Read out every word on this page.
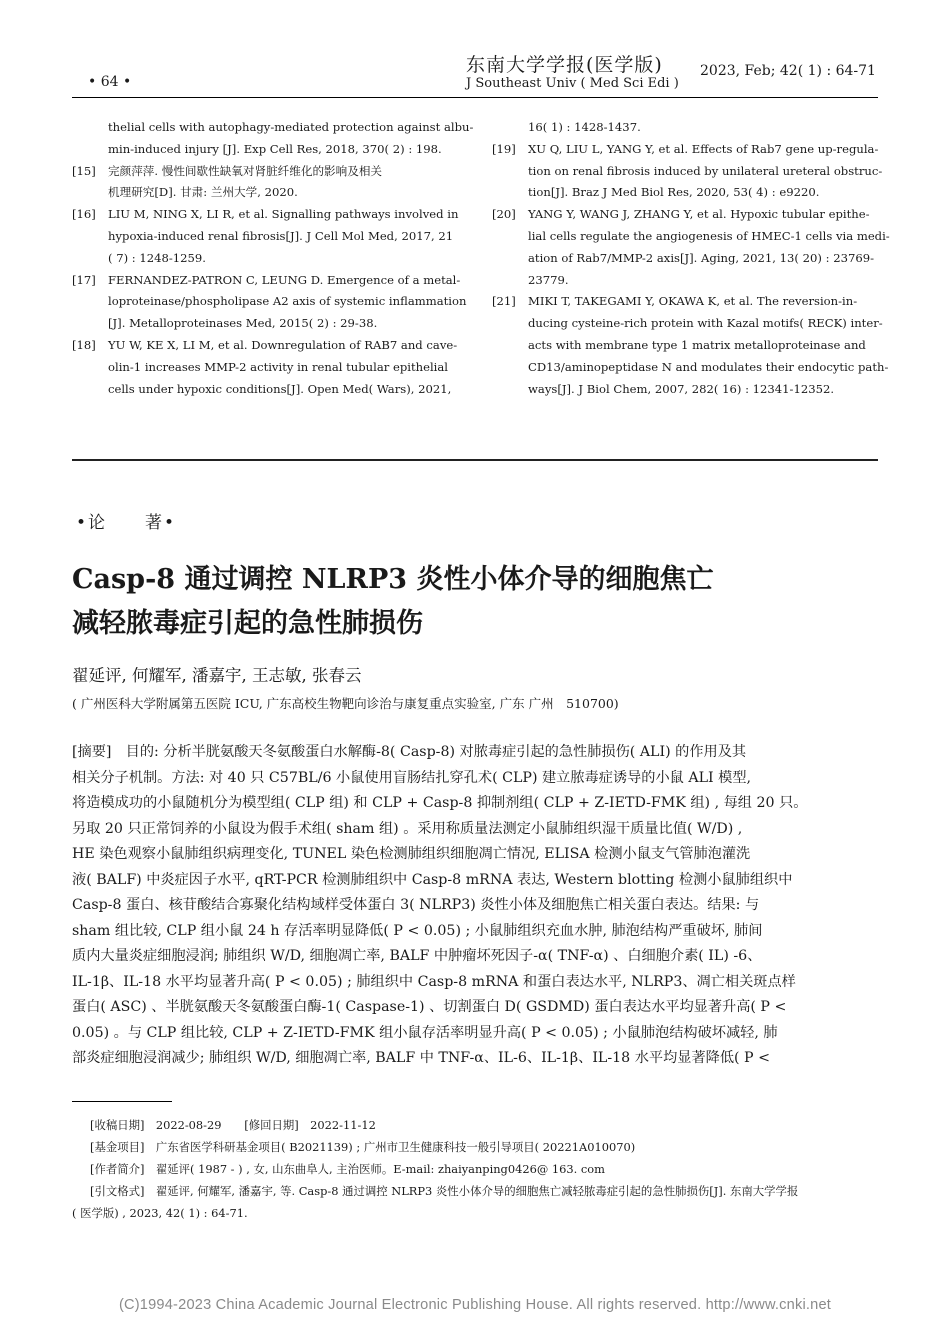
• 64 •
东南大学学报(医学版)
J Southeast Univ ( Med Sci Edi )
2023, Feb; 42( 1) : 64-71
thelial cells with autophagy-mediated protection against albu-
min-induced injury [J]. Exp Cell Res, 2018, 370( 2) : 198.
[15]	完颜萍萍. 慢性间歇性缺氧对肾脏纤维化的影响及相关
机理研究[D]. 甘肃: 兰州大学, 2020.
[16]	LIU M, NING X, LI R, et al. Signalling pathways involved in
hypoxia-induced renal fibrosis[J]. J Cell Mol Med, 2017, 21
( 7) : 1248-1259.
[17]	FERNANDEZ-PATRON C, LEUNG D. Emergence of a metal-
loproteinase/phospholipase A2 axis of systemic inflammation
[J]. Metalloproteinases Med, 2015( 2) : 29-38.
[18]	YU W, KE X, LI M, et al. Downregulation of RAB7 and cave-
olin-1 increases MMP-2 activity in renal tubular epithelial
cells under hypoxic conditions[J]. Open Med( Wars), 2021,
16( 1) : 1428-1437.
[19]	XU Q, LIU L, YANG Y, et al. Effects of Rab7 gene up-regula-
tion on renal fibrosis induced by unilateral ureteral obstruc-
tion[J]. Braz J Med Biol Res, 2020, 53( 4) : e9220.
[20]	YANG Y, WANG J, ZHANG Y, et al. Hypoxic tubular epithe-
lial cells regulate the angiogenesis of HMEC-1 cells via medi-
ation of Rab7/MMP-2 axis[J]. Aging, 2021, 13( 20) : 23769-
23779.
[21]	MIKI T, TAKEGAMI Y, OKAWA K, et al. The reversion-in-
ducing cysteine-rich protein with Kazal motifs( RECK) inter-
acts with membrane type 1 matrix metalloproteinase and
CD13/aminopeptidase N and modulates their endocytic path-
ways[J]. J Biol Chem, 2007, 282( 16) : 12341-12352.
•论　　著•
Casp-8 通过调控 NLRP3 炎性小体介导的细胞焦亡
减轻脓毒症引起的急性肺损伤
翟延评, 何耀军, 潘嘉宇, 王志敏, 张春云
( 广州医科大学附属第五医院 ICU, 广东高校生物靶向诊治与康复重点实验室, 广东 广州　510700)

[摘要]　目的: 分析半胱氨酸天冬氨酸蛋白水解酶-8( Casp-8) 对脓毒症引起的急性肺损伤( ALI) 的作用及其

相关分子机制。方法: 对 40 只 C57BL/6 小鼠使用盲肠结扎穿孔术( CLP) 建立脓毒症诱导的小鼠 ALI 模型,

将造模成功的小鼠随机分为模型组( CLP 组) 和 CLP + Casp-8 抑制剂组( CLP + Z-IETD-FMK 组) , 每组 20 只。

另取 20 只正常饲养的小鼠设为假手术组( sham 组) 。采用称质量法测定小鼠肺组织湿干质量比值( W/D) ,

HE 染色观察小鼠肺组织病理变化, TUNEL 染色检测肺组织细胞凋亡情况, ELISA 检测小鼠支气管肺泡灌洗

液( BALF) 中炎症因子水平, qRT-PCR 检测肺组织中 Casp-8 mRNA 表达, Western blotting 检测小鼠肺组织中

Casp-8 蛋白、核苷酸结合寡聚化结构域样受体蛋白 3( NLRP3) 炎性小体及细胞焦亡相关蛋白表达。结果: 与

sham 组比较, CLP 组小鼠 24 h 存活率明显降低( P < 0.05) ; 小鼠肺组织充血水肿, 肺泡结构严重破坏, 肺间

质内大量炎症细胞浸润; 肺组织 W/D, 细胞凋亡率, BALF 中肿瘤坏死因子-α( TNF-α) 、白细胞介素( IL) -6、

IL-1β、IL-18 水平均显著升高( P < 0.05) ; 肺组织中 Casp-8 mRNA 和蛋白表达水平, NLRP3、凋亡相关斑点样

蛋白( ASC) 、半胱氨酸天冬氨酸蛋白酶-1( Caspase-1) 、切割蛋白 D( GSDMD) 蛋白表达水平均显著升高( P <

0.05) 。与 CLP 组比较, CLP + Z-IETD-FMK 组小鼠存活率明显升高( P < 0.05) ; 小鼠肺泡结构破坏减轻, 肺

部炎症细胞浸润减少; 肺组织 W/D, 细胞凋亡率, BALF 中 TNF-α、IL-6、IL-1β、IL-18 水平均显著降低( P <

[收稿日期]　2022-08-29　　[修回日期]　2022-11-12
[基金项目]　广东省医学科研基金项目( B2021139) ; 广州市卫生健康科技一般引导项目( 20221A010070)
[作者简介]　翟延评( 1987 - ) , 女, 山东曲阜人, 主治医师。E-mail: zhaiyanping0426@ 163. com
[引文格式]　翟延评, 何耀军, 潘嘉宇, 等. Casp-8 通过调控 NLRP3 炎性小体介导的细胞焦亡减轻脓毒症引起的急性肺损伤[J]. 东南大学学报
( 医学版) , 2023, 42( 1) : 64-71.
(C)1994-2023 China Academic Journal Electronic Publishing House. All rights reserved. http://www.cnki.net
